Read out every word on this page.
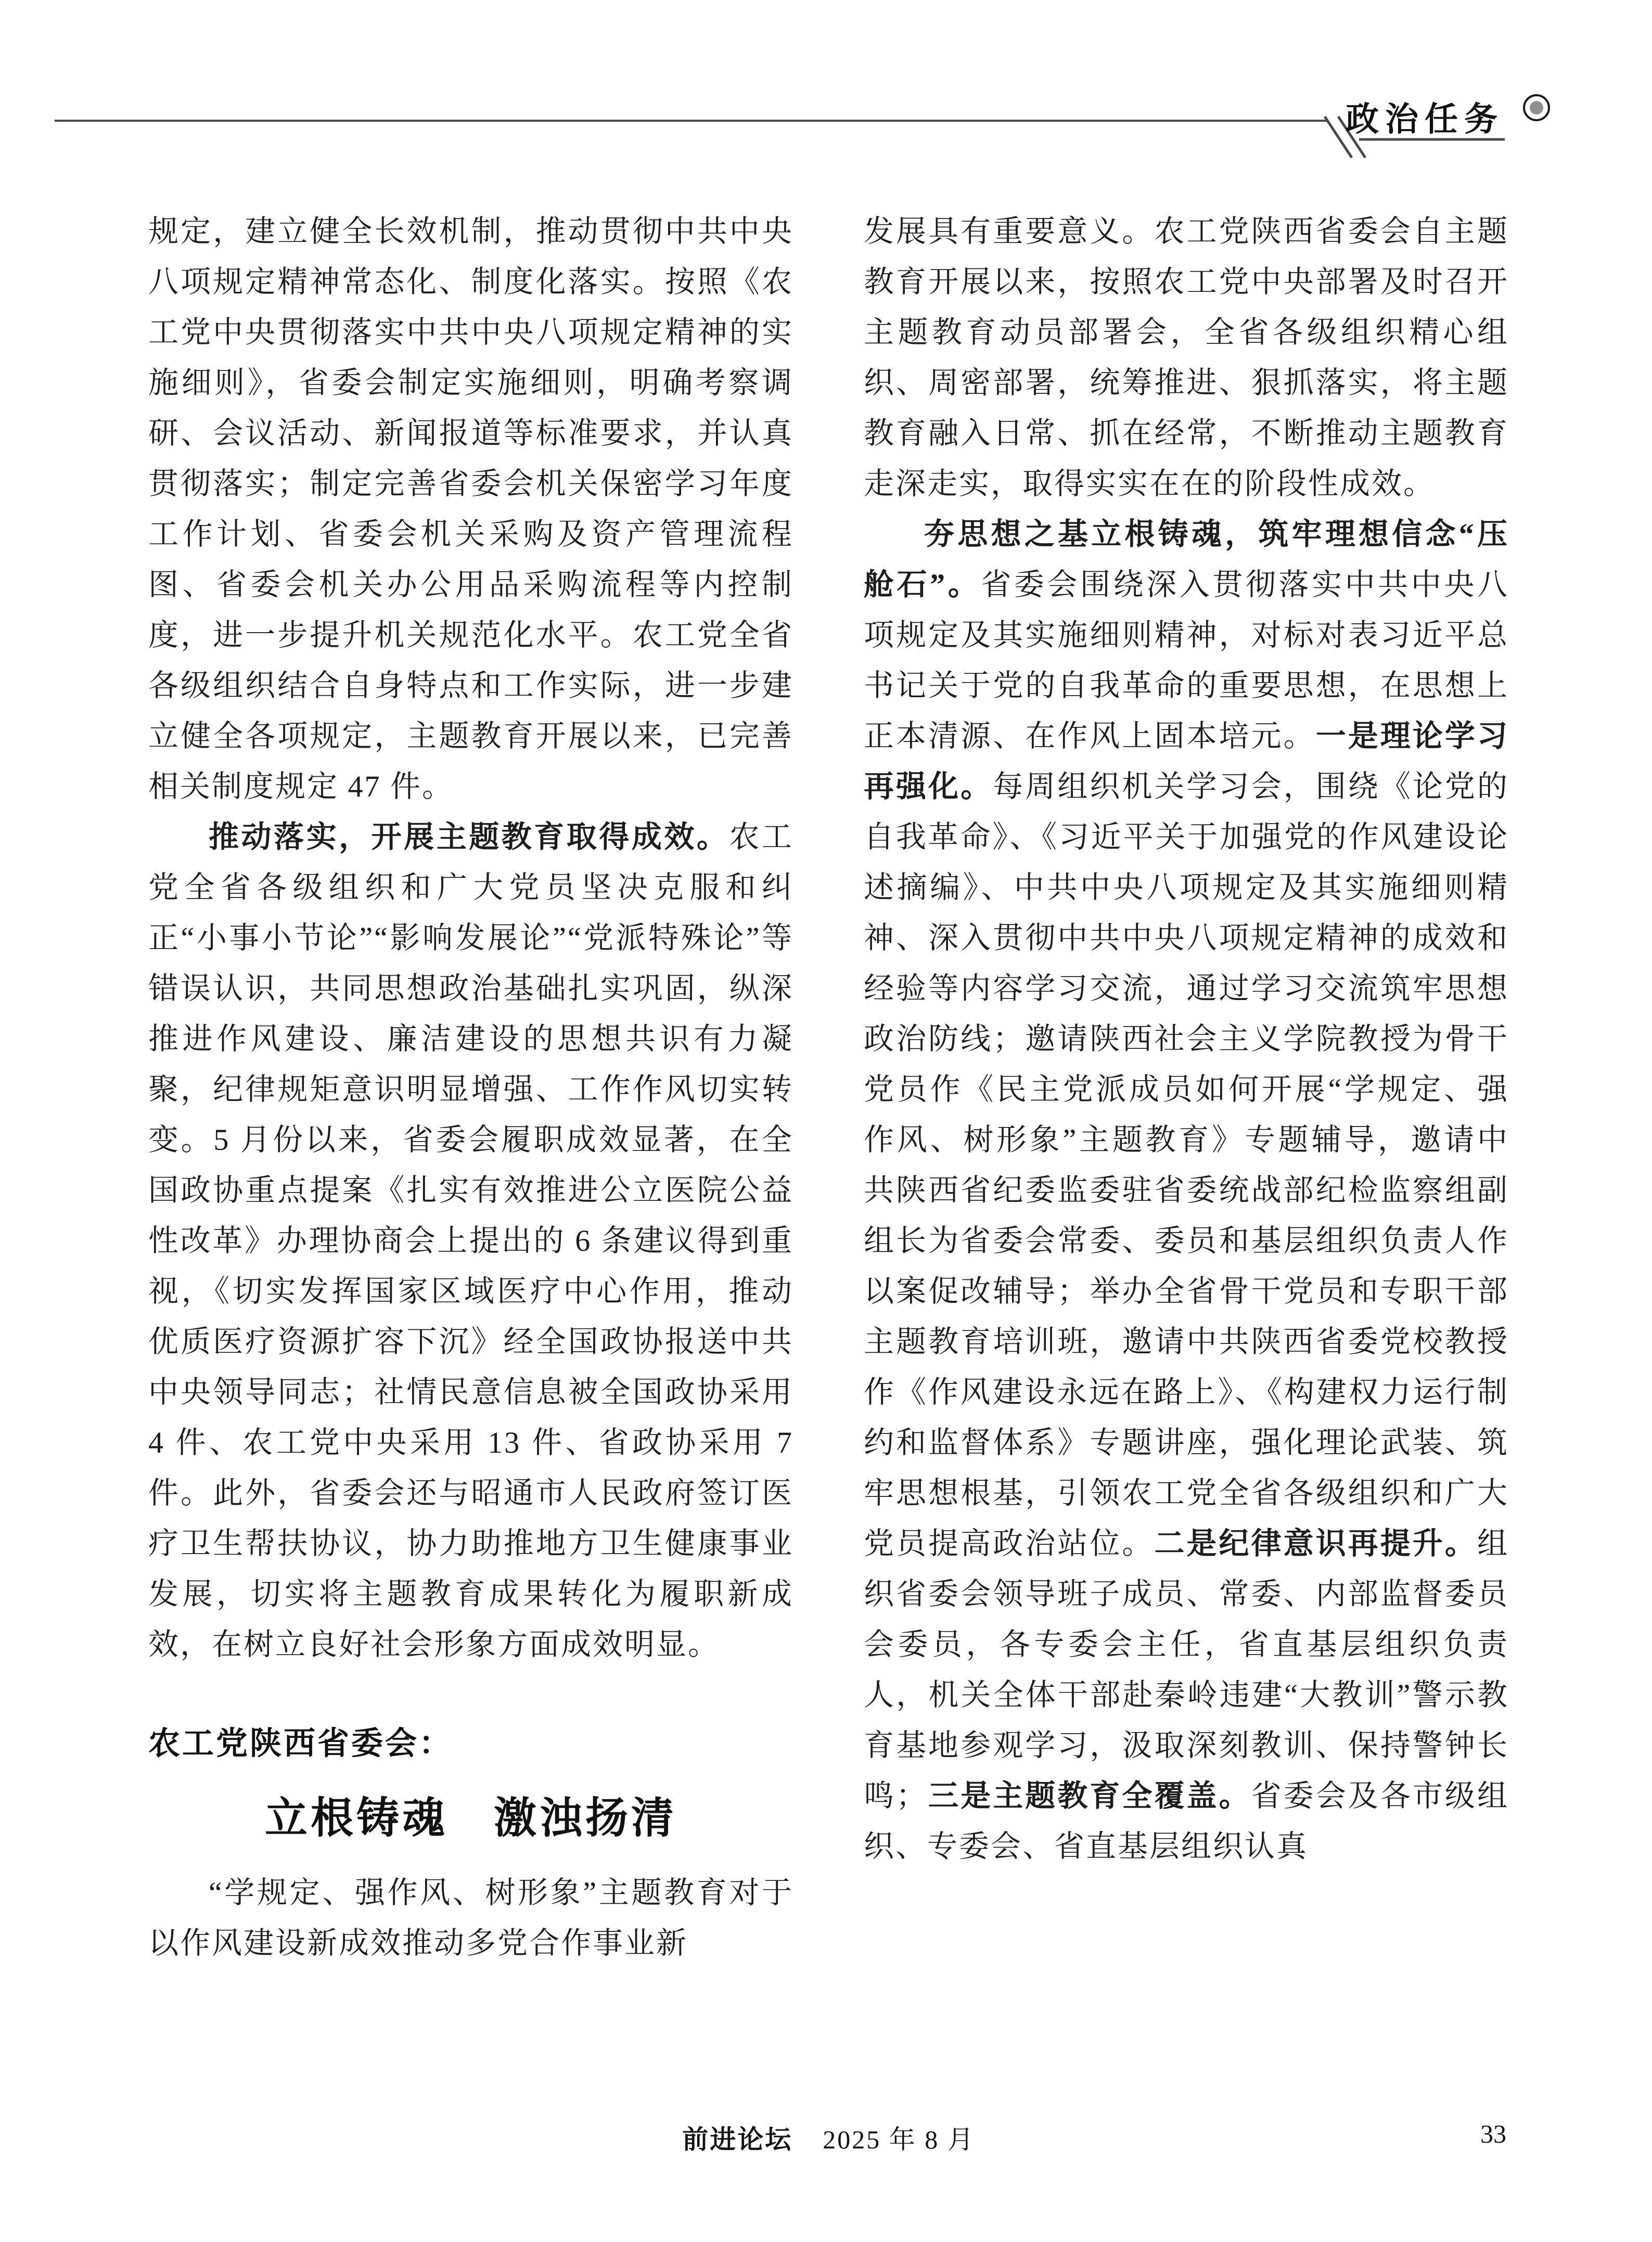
政治任务

规定，建立健全长效机制，推动贯彻中共中央八项规定精神常态化、制度化落实。按照《农工党中央贯彻落实中共中央八项规定精神的实施细则》，省委会制定实施细则，明确考察调研、会议活动、新闻报道等标准要求，并认真贯彻落实；制定完善省委会机关保密学习年度工作计划、省委会机关采购及资产管理流程图、省委会机关办公用品采购流程等内控制度，进一步提升机关规范化水平。农工党全省各级组织结合自身特点和工作实际，进一步建立健全各项规定，主题教育开展以来，已完善相关制度规定 47 件。

推动落实，开展主题教育取得成效。农工党全省各级组织和广大党员坚决克服和纠正“小事小节论”“影响发展论”“党派特殊论”等错误认识，共同思想政治基础扎实巩固，纵深推进作风建设、廉洁建设的思想共识有力凝聚，纪律规矩意识明显增强、工作作风切实转变。5 月份以来，省委会履职成效显著，在全国政协重点提案《扎实有效推进公立医院公益性改革》办理协商会上提出的 6 条建议得到重视，《切实发挥国家区域医疗中心作用，推动优质医疗资源扩容下沉》经全国政协报送中共中央领导同志；社情民意信息被全国政协采用 4 件、农工党中央采用 13 件、省政协采用 7 件。此外，省委会还与昭通市人民政府签订医疗卫生帮扶协议，协力助推地方卫生健康事业发展，切实将主题教育成果转化为履职新成效，在树立良好社会形象方面成效明显。

农工党陕西省委会：
立根铸魂　激浊扬清

“学规定、强作风、树形象”主题教育对于以作风建设新成效推动多党合作事业新

发展具有重要意义。农工党陕西省委会自主题教育开展以来，按照农工党中央部署及时召开主题教育动员部署会，全省各级组织精心组织、周密部署，统筹推进、狠抓落实，将主题教育融入日常、抓在经常，不断推动主题教育走深走实，取得实实在在的阶段性成效。

夯思想之基立根铸魂，筑牢理想信念“压舱石”。省委会围绕深入贯彻落实中共中央八项规定及其实施细则精神，对标对表习近平总书记关于党的自我革命的重要思想，在思想上正本清源、在作风上固本培元。一是理论学习再强化。每周组织机关学习会，围绕《论党的自我革命》、《习近平关于加强党的作风建设论述摘编》、中共中央八项规定及其实施细则精神、深入贯彻中共中央八项规定精神的成效和经验等内容学习交流，通过学习交流筑牢思想政治防线；邀请陕西社会主义学院教授为骨干党员作《民主党派成员如何开展“学规定、强作风、树形象”主题教育》专题辅导，邀请中共陕西省纪委监委驻省委统战部纪检监察组副组长为省委会常委、委员和基层组织负责人作以案促改辅导；举办全省骨干党员和专职干部主题教育培训班，邀请中共陕西省委党校教授作《作风建设永远在路上》、《构建权力运行制约和监督体系》专题讲座，强化理论武装、筑牢思想根基，引领农工党全省各级组织和广大党员提高政治站位。二是纪律意识再提升。组织省委会领导班子成员、常委、内部监督委员会委员，各专委会主任，省直基层组织负责人，机关全体干部赴秦岭违建“大教训”警示教育基地参观学习，汲取深刻教训、保持警钟长鸣；三是主题教育全覆盖。省委会及各市级组织、专委会、省直基层组织认真

前进论坛 2025 年 8 月	33
